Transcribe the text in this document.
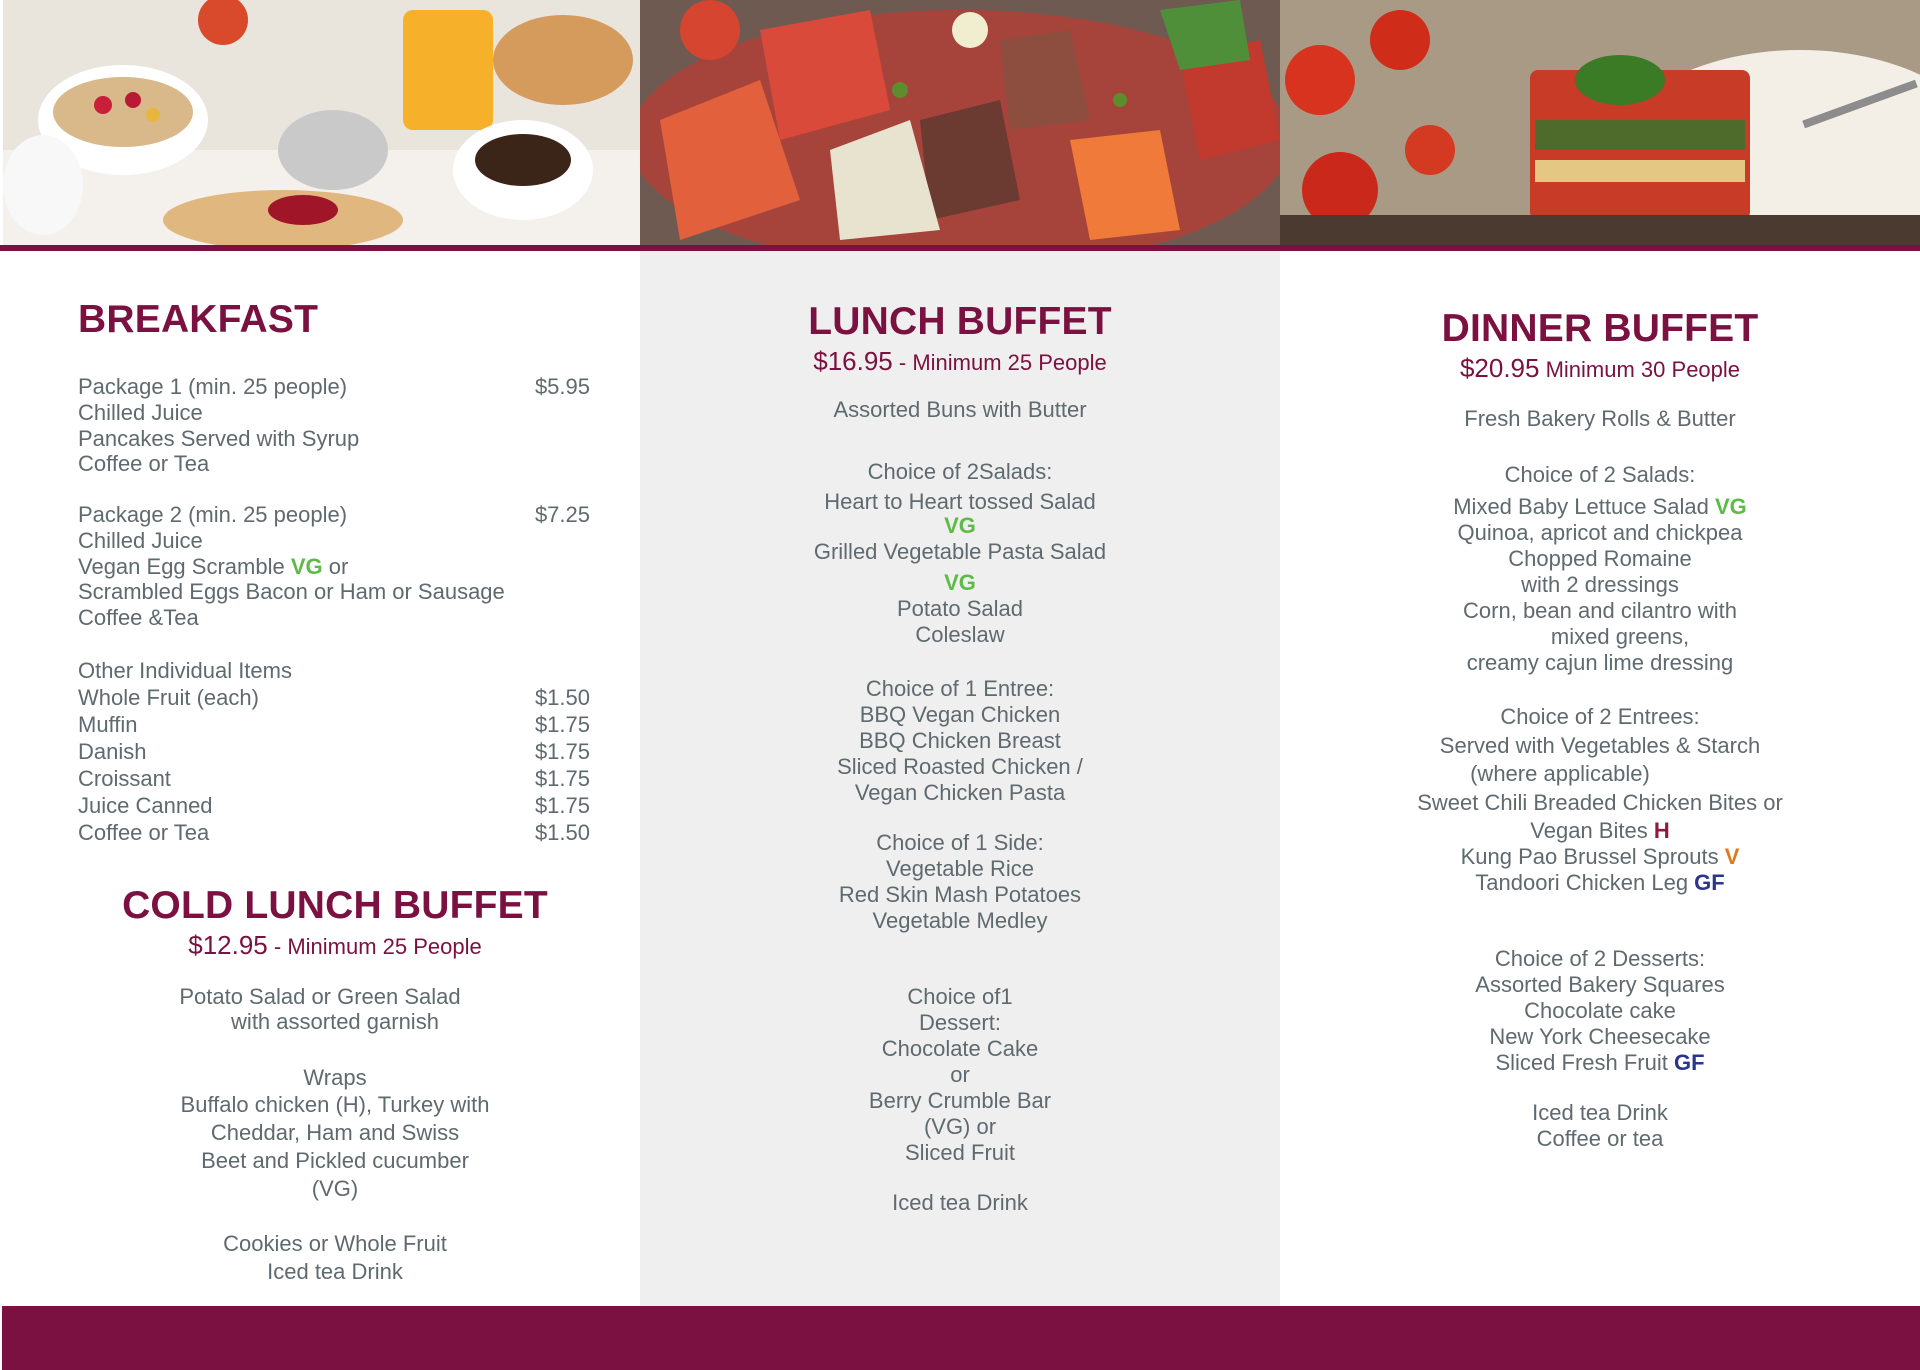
BREAKFAST
Package 1 (min. 25 people)	$5.95
Chilled Juice
Pancakes Served with Syrup
Coffee or Tea
Package 2 (min. 25 people)	$7.25
Chilled Juice
Vegan Egg Scramble VG or
Scrambled Eggs Bacon or Ham or Sausage
Coffee &Tea
Other Individual Items
Whole Fruit (each)	$1.50
Muffin	$1.75
Danish	$1.75
Croissant	$1.75
Juice Canned	$1.75
Coffee or Tea	$1.50
COLD LUNCH BUFFET
$12.95 - Minimum 25 People
Potato Salad or Green Salad
with assorted garnish

Wraps
Buffalo chicken (H), Turkey with
Cheddar, Ham and Swiss
Beet and Pickled cucumber
(VG)

Cookies or Whole Fruit
Iced tea Drink
LUNCH BUFFET
$16.95 - Minimum 25 People
Assorted Buns with Butter
Choice of 2Salads:
Heart to Heart tossed Salad
VG
Grilled Vegetable Pasta Salad
VG
Potato Salad
Coleslaw
Choice of 1 Entree:
BBQ Vegan Chicken
BBQ Chicken Breast
Sliced Roasted Chicken /
Vegan Chicken Pasta
Choice of 1 Side:
Vegetable Rice
Red Skin Mash Potatoes
Vegetable Medley
Choice of1
Dessert:
Chocolate Cake
or
Berry Crumble Bar
(VG) or
Sliced Fruit
Iced tea Drink
DINNER BUFFET
$20.95 Minimum 30 People
Fresh Bakery Rolls & Butter
Choice of 2 Salads:
Mixed Baby Lettuce Salad VG
Quinoa, apricot and chickpea
Chopped Romaine
with 2 dressings
Corn, bean and cilantro with
mixed greens,
creamy cajun lime dressing
Choice of 2 Entrees:
Served with Vegetables & Starch
(where applicable)
Sweet Chili Breaded Chicken Bites or
Vegan Bites H
Kung Pao Brussel Sprouts V
Tandoori Chicken Leg GF
Choice of 2 Desserts:
Assorted Bakery Squares
Chocolate cake
New York Cheesecake
Sliced Fresh Fruit GF
Iced tea Drink
Coffee or tea
